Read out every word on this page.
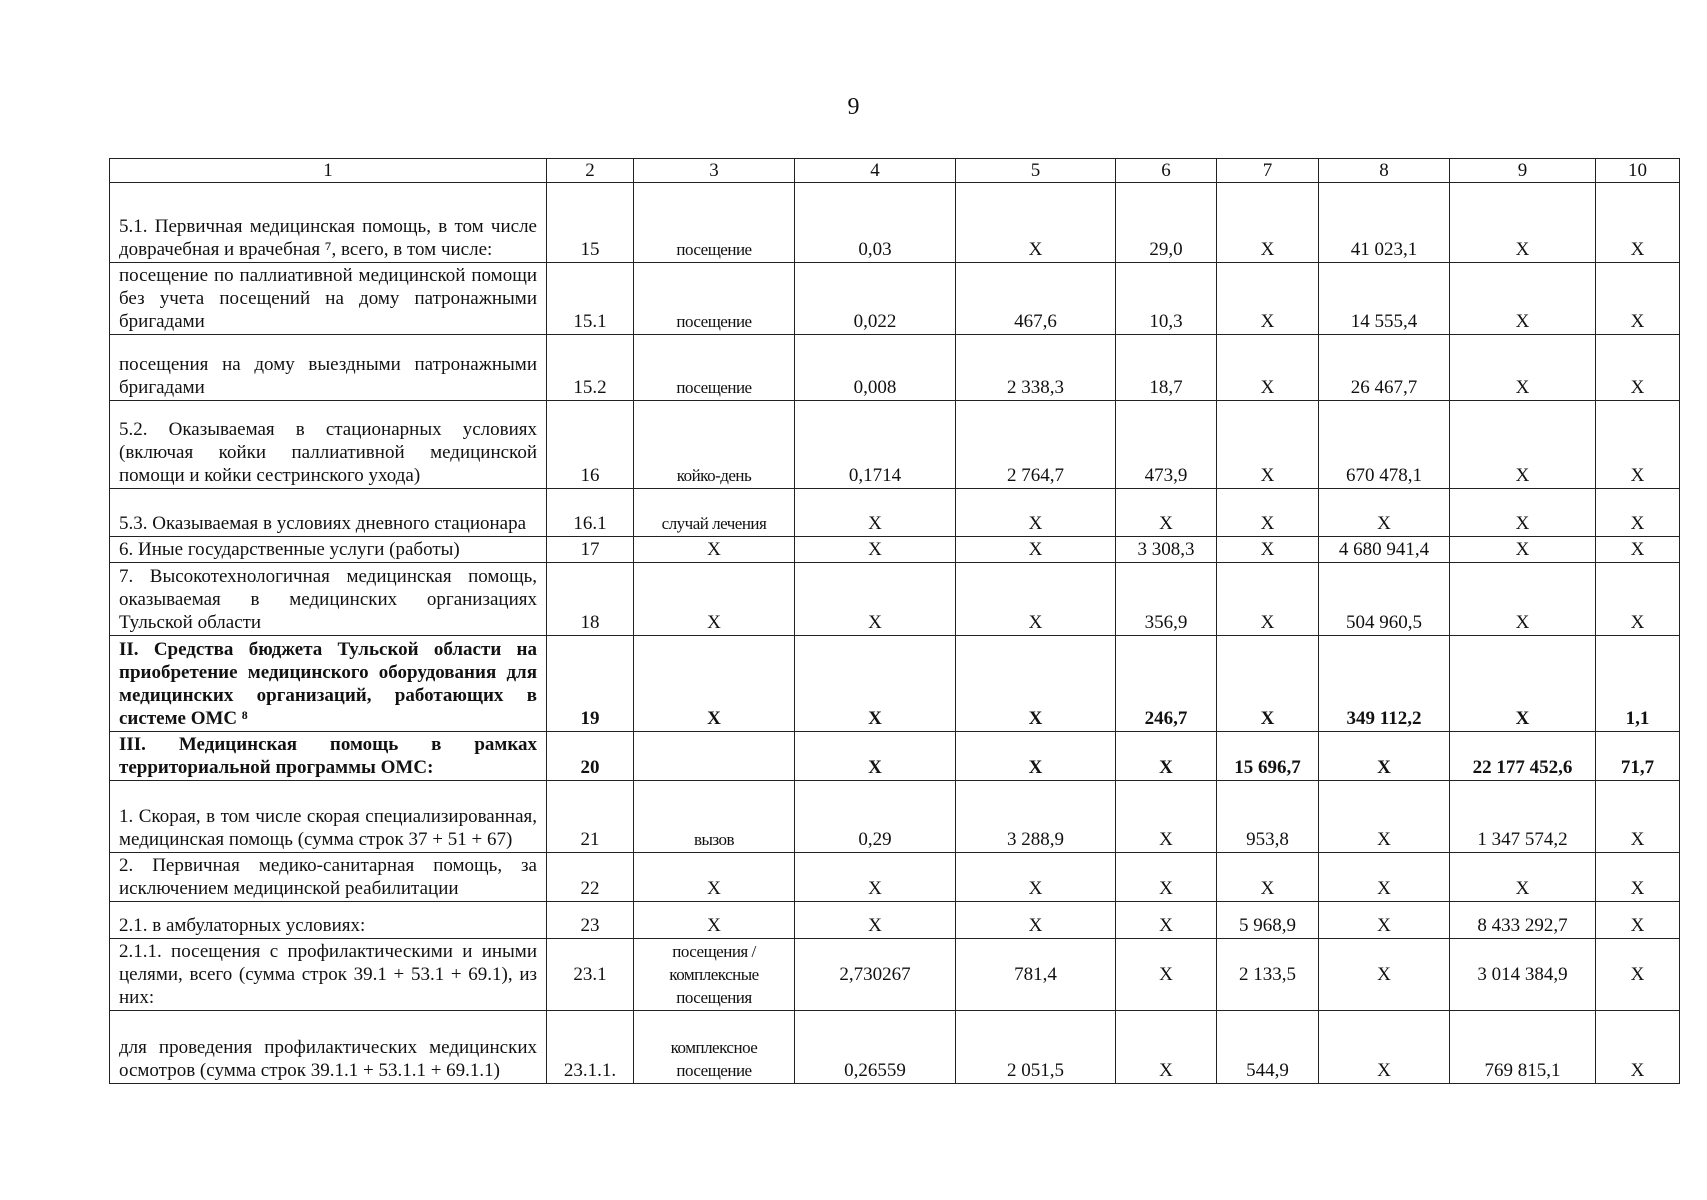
9
1	2	3	4	5	6	7	8	9	10
5.1. Первичная медицинская помощь, в том числе доврачебная и врачебная ⁷, всего, в том числе:	15	посещение	0,03	X	29,0	X	41 023,1	X	X
посещение по паллиативной медицинской помощи без учета посещений на дому патронажными бригадами	15.1	посещение	0,022	467,6	10,3	X	14 555,4	X	X
посещения на дому выездными патронажными бригадами	15.2	посещение	0,008	2 338,3	18,7	X	26 467,7	X	X
5.2. Оказываемая в стационарных условиях (включая койки паллиативной медицинской помощи и койки сестринского ухода)	16	койко-день	0,1714	2 764,7	473,9	X	670 478,1	X	X
5.3. Оказываемая в условиях дневного стационара	16.1	случай лечения	X	X	X	X	X	X	X
6. Иные государственные услуги (работы)	17	X	X	X	3 308,3	X	4 680 941,4	X	X
7. Высокотехнологичная медицинская помощь, оказываемая в медицинских организациях Тульской области	18	X	X	X	356,9	X	504 960,5	X	X
II. Средства бюджета Тульской области на приобретение медицинского оборудования для медицинских организаций, работающих в системе ОМС ⁸	19	X	X	X	246,7	X	349 112,2	X	1,1
III. Медицинская помощь в рамках территориальной программы ОМС:	20		X	X	X	15 696,7	X	22 177 452,6	71,7
1. Скорая, в том числе скорая специализированная, медицинская помощь (сумма строк 37 + 51 + 67)	21	вызов	0,29	3 288,9	X	953,8	X	1 347 574,2	X
2. Первичная медико-санитарная помощь, за исключением медицинской реабилитации	22	X	X	X	X	X	X	X	X
2.1. в амбулаторных условиях:	23	X	X	X	X	5 968,9	X	8 433 292,7	X
2.1.1. посещения с профилактическими и иными целями, всего (сумма строк 39.1 + 53.1 + 69.1), из них:	23.1	посещения / комплексные посещения	2,730267	781,4	X	2 133,5	X	3 014 384,9	X
для проведения профилактических медицинских осмотров (сумма строк 39.1.1 + 53.1.1 + 69.1.1)	23.1.1.	комплексное посещение	0,26559	2 051,5	X	544,9	X	769 815,1	X
